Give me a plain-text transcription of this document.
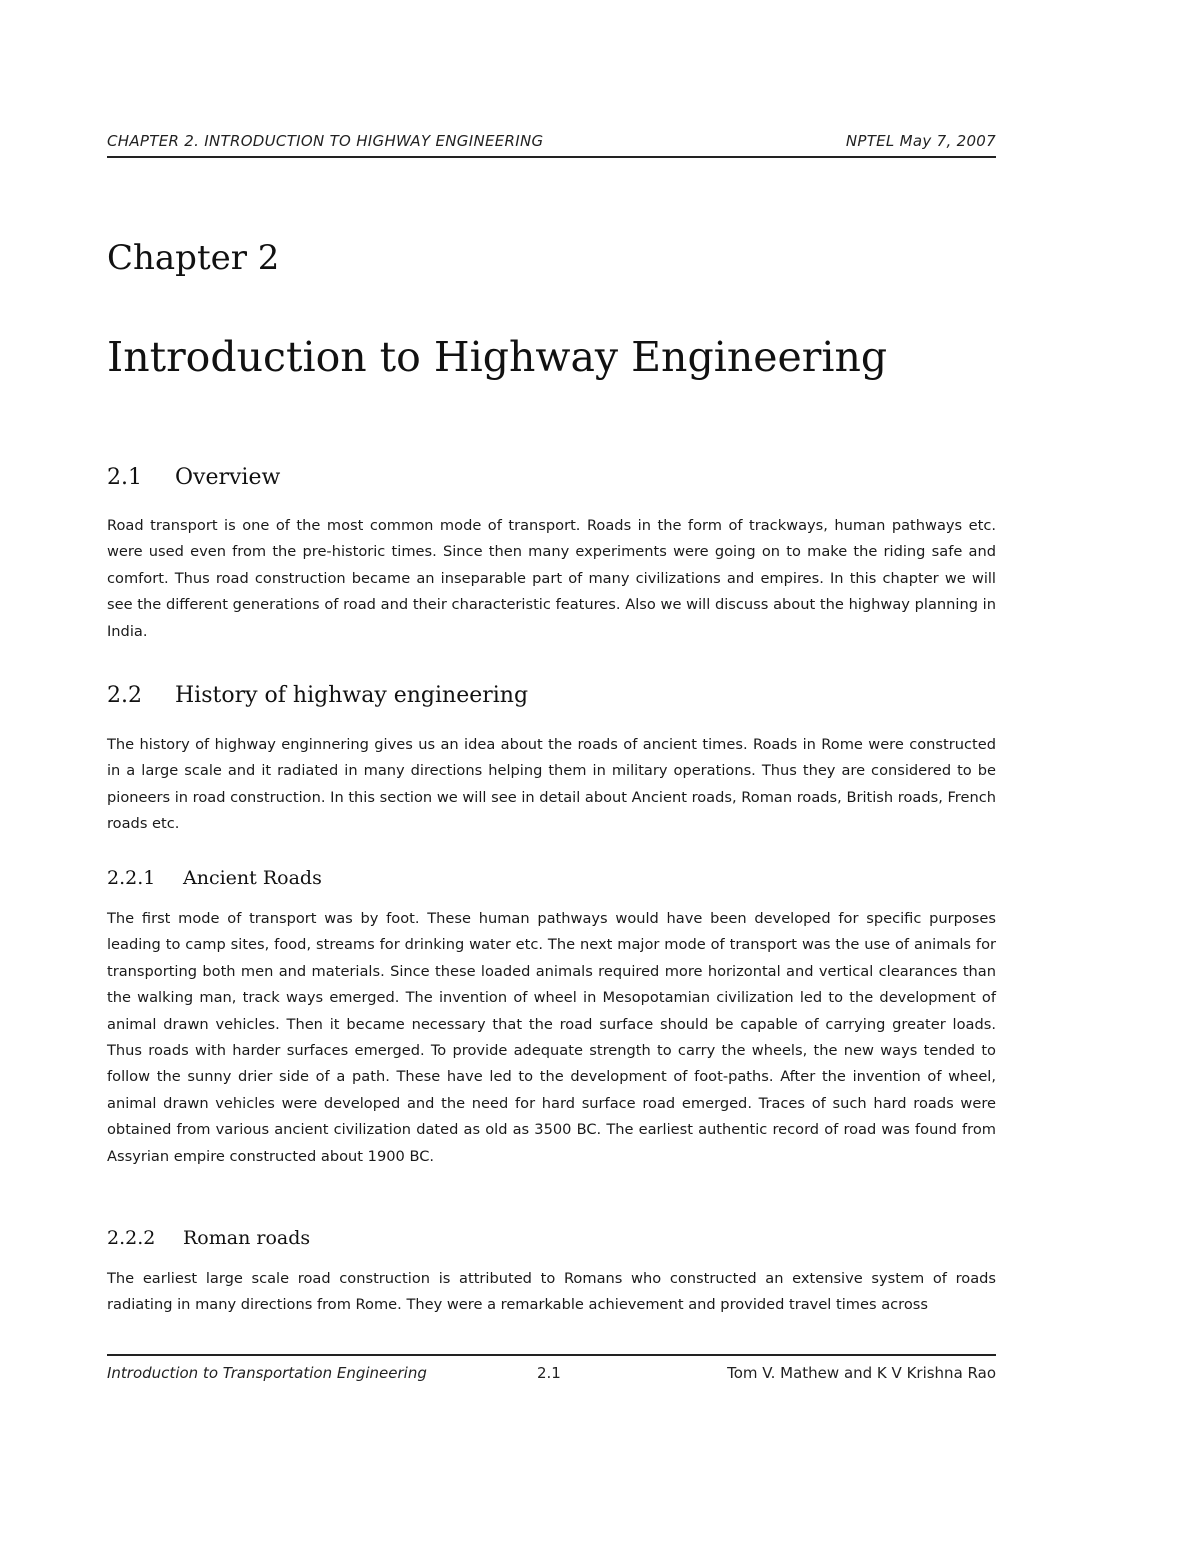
CHAPTER 2. INTRODUCTION TO HIGHWAY ENGINEERING	NPTEL May 7, 2007
Chapter 2
Introduction to Highway Engineering
2.1 Overview

Road transport is one of the most common mode of transport. Roads in the form of trackways, human pathways etc. were used even from the pre-historic times. Since then many experiments were going on to make the riding safe and comfort. Thus road construction became an inseparable part of many civilizations and empires. In this chapter we will see the different generations of road and their characteristic features. Also we will discuss about the highway planning in India.

2.2 History of highway engineering

The history of highway enginnering gives us an idea about the roads of ancient times. Roads in Rome were constructed in a large scale and it radiated in many directions helping them in military operations. Thus they are considered to be pioneers in road construction. In this section we will see in detail about Ancient roads, Roman roads, British roads, French roads etc.

2.2.1 Ancient Roads

The first mode of transport was by foot. These human pathways would have been developed for specific purposes leading to camp sites, food, streams for drinking water etc. The next major mode of transport was the use of animals for transporting both men and materials. Since these loaded animals required more horizontal and vertical clearances than the walking man, track ways emerged. The invention of wheel in Mesopotamian civilization led to the development of animal drawn vehicles. Then it became necessary that the road surface should be capable of carrying greater loads. Thus roads with harder surfaces emerged. To provide adequate strength to carry the wheels, the new ways tended to follow the sunny drier side of a path. These have led to the development of foot-paths. After the invention of wheel, animal drawn vehicles were developed and the need for hard surface road emerged. Traces of such hard roads were obtained from various ancient civilization dated as old as 3500 BC. The earliest authentic record of road was found from Assyrian empire constructed about 1900 BC.

2.2.2 Roman roads

The earliest large scale road construction is attributed to Romans who constructed an extensive system of roads radiating in many directions from Rome. They were a remarkable achievement and provided travel times across

Introduction to Transportation Engineering	2.1	Tom V. Mathew and K V Krishna Rao
